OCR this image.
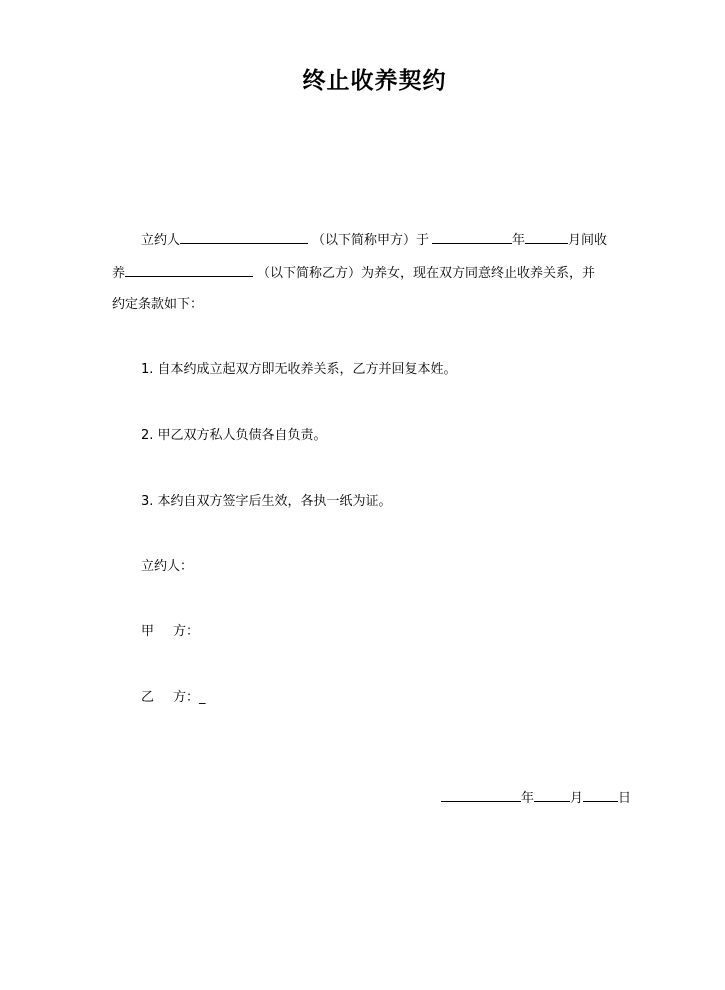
终止收养契约
立约人	（以下简称甲方）于	年	月间收
养	（以下简称乙方）为养女，现在双方同意终止收养关系，并
约定条款如下：
1. 自本约成立起双方即无收养关系，乙方并回复本姓。
2. 甲乙双方私人负债各自负责。
3. 本约自双方签字后生效，各执一纸为证。
立约人：
甲 方：
乙 方：_
年	月	日
